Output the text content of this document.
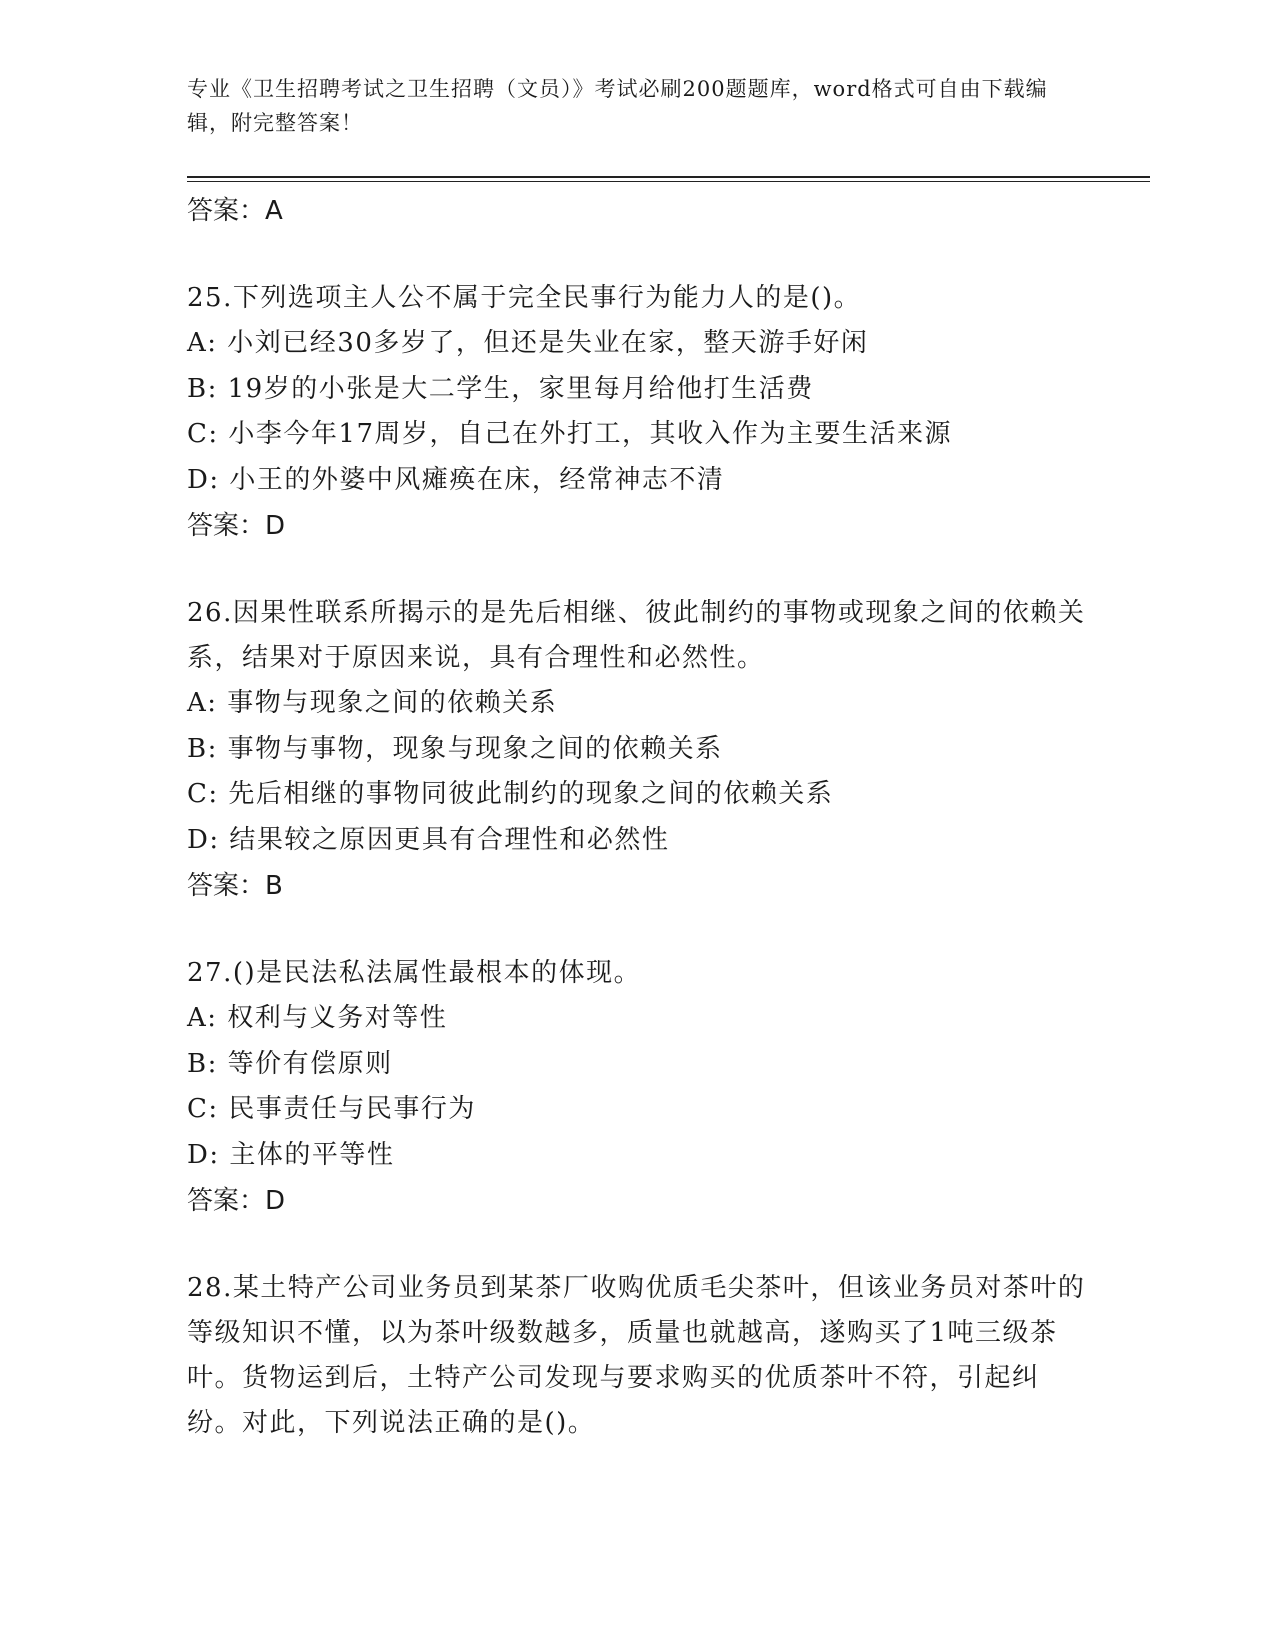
专业《卫生招聘考试之卫生招聘（文员）》考试必刷200题题库，word格式可自由下载编辑，附完整答案！

答案：A

25.下列选项主人公不属于完全民事行为能力人的是()。

A: 小刘已经30多岁了，但还是失业在家，整天游手好闲

B: 19岁的小张是大二学生，家里每月给他打生活费

C: 小李今年17周岁，自己在外打工，其收入作为主要生活来源

D: 小王的外婆中风瘫痪在床，经常神志不清

答案：D

26.因果性联系所揭示的是先后相继、彼此制约的事物或现象之间的依赖关系，结果对于原因来说，具有合理性和必然性。

A: 事物与现象之间的依赖关系

B: 事物与事物，现象与现象之间的依赖关系

C: 先后相继的事物同彼此制约的现象之间的依赖关系

D: 结果较之原因更具有合理性和必然性

答案：B

27.()是民法私法属性最根本的体现。

A: 权利与义务对等性

B: 等价有偿原则

C: 民事责任与民事行为

D: 主体的平等性

答案：D

28.某土特产公司业务员到某茶厂收购优质毛尖茶叶，但该业务员对茶叶的等级知识不懂，以为茶叶级数越多，质量也就越高，遂购买了1吨三级茶叶。货物运到后，土特产公司发现与要求购买的优质茶叶不符，引起纠纷。对此，下列说法正确的是()。
